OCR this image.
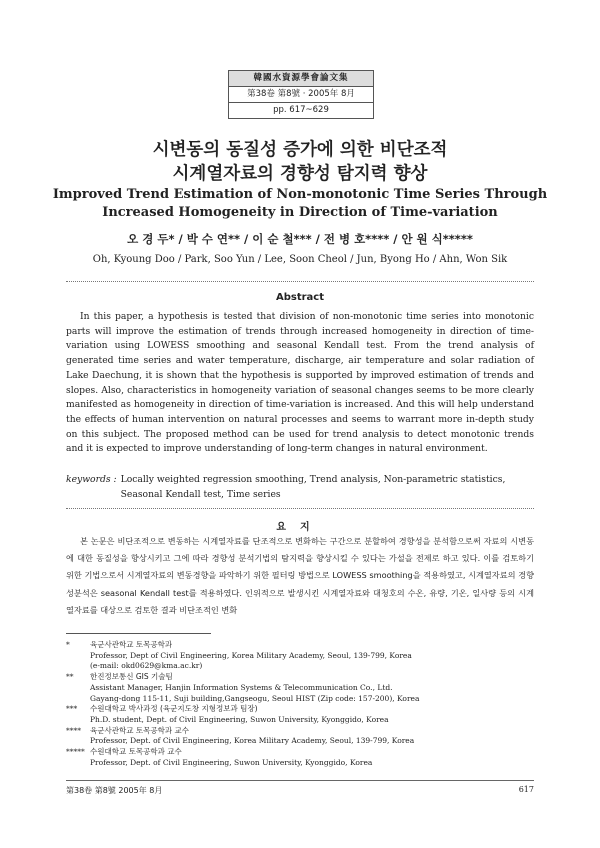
韓國水資源學會論文集
第38卷 第8號 · 2005年 8月
pp. 617~629
시변동의 동질성 증가에 의한 비단조적
시계열자료의 경향성 탐지력 향상
Improved Trend Estimation of Non-monotonic Time Series Through
Increased Homogeneity in Direction of Time-variation
오 경 두* / 박 수 연** / 이 순 철*** / 전 병 호**** / 안 원 식*****
Oh, Kyoung Doo / Park, Soo Yun / Lee, Soon Cheol / Jun, Byong Ho / Ahn, Won Sik
Abstract

In this paper, a hypothesis is tested that division of non-monotonic time series into monotonic parts will improve the estimation of trends through increased homogeneity in direction of time-variation using LOWESS smoothing and seasonal Kendall test. From the trend analysis of generated time series and water temperature, discharge, air temperature and solar radiation of Lake Daechung, it is shown that the hypothesis is supported by improved estimation of trends and slopes. Also, characteristics in homogeneity variation of seasonal changes seems to be more clearly manifested as homogeneity in direction of time-variation is increased. And this will help understand the effects of human intervention on natural processes and seems to warrant more in-depth study on this subject. The proposed method can be used for trend analysis to detect monotonic trends and it is expected to improve understanding of long-term changes in natural environment.

keywords : Locally weighted regression smoothing, Trend analysis, Non-parametric statistics, Seasonal Kendall test, Time series
요지

본 논문은 비단조적으로 변동하는 시계열자료를 단조적으로 변화하는 구간으로 분할하여 경향성을 분석함으로써 자료의 시변동에 대한 동질성을 향상시키고 그에 따라 경향성 분석기법의 탐지력을 향상시킬 수 있다는 가설을 전제로 하고 있다. 이를 검토하기 위한 기법으로서 시계열자료의 변동경향을 파악하기 위한 필터링 방법으로 LOWESS smoothing을 적용하였고, 시계열자료의 경향성분석은 seasonal Kendall test를 적용하였다. 인위적으로 발생시킨 시계열자료와 대청호의 수온, 유량, 기온, 일사량 등의 시계열자료를 대상으로 검토한 결과 비단조적인 변화

*	육군사관학교 토목공학과
Professor, Dept of Civil Engineering, Korea Military Academy, Seoul, 139-799, Korea
(e-mail: okd0629@kma.ac.kr)
**	한진정보통신 GIS 기술팀
Assistant Manager, Hanjin Information Systems & Telecommunication Co., Ltd.
Gayang-dong 115-11, Suji building,Gangseogu, Seoul HIST (Zip code: 157-200), Korea
***	수원대학교 박사과정 (육군지도창 지형정보과 팀장)
Ph.D. student, Dept. of Civil Engineering, Suwon University, Kyonggido, Korea
****	육군사관학교 토목공학과 교수
Professor, Dept. of Civil Engineering, Korea Military Academy, Seoul, 139-799, Korea
***** 수원대학교 토목공학과 교수
Professor, Dept. of Civil Engineering, Suwon University, Kyonggido, Korea
第38卷 第8號 2005年 8月	617
